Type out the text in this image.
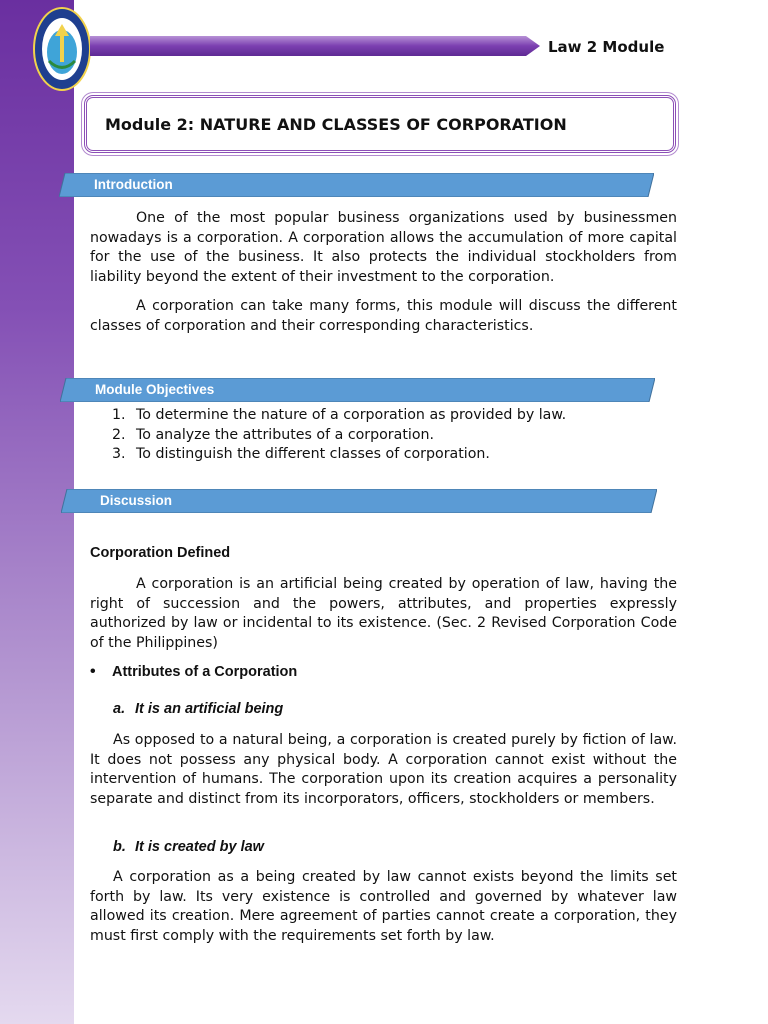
Law 2 Module
Module 2: NATURE AND CLASSES OF CORPORATION
Introduction

One of the most popular business organizations used by businessmen nowadays is a corporation. A corporation allows the accumulation of more capital for the use of the business. It also protects the individual stockholders from liability beyond the extent of their investment to the corporation.

A corporation can take many forms, this module will discuss the different classes of corporation and their corresponding characteristics.

Module Objectives
1. To determine the nature of a corporation as provided by law.
2. To analyze the attributes of a corporation.
3. To distinguish the different classes of corporation.
Discussion
Corporation Defined

A corporation is an artificial being created by operation of law, having the right of succession and the powers, attributes, and properties expressly authorized by law or incidental to its existence. (Sec. 2 Revised Corporation Code of the Philippines)

•	Attributes of a Corporation
a. It is an artificial being

As opposed to a natural being, a corporation is created purely by fiction of law. It does not possess any physical body. A corporation cannot exist without the intervention of humans. The corporation upon its creation acquires a personality separate and distinct from its incorporators, officers, stockholders or members.

b. It is created by law

A corporation as a being created by law cannot exists beyond the limits set forth by law. Its very existence is controlled and governed by whatever law allowed its creation. Mere agreement of parties cannot create a corporation, they must first comply with the requirements set forth by law.
